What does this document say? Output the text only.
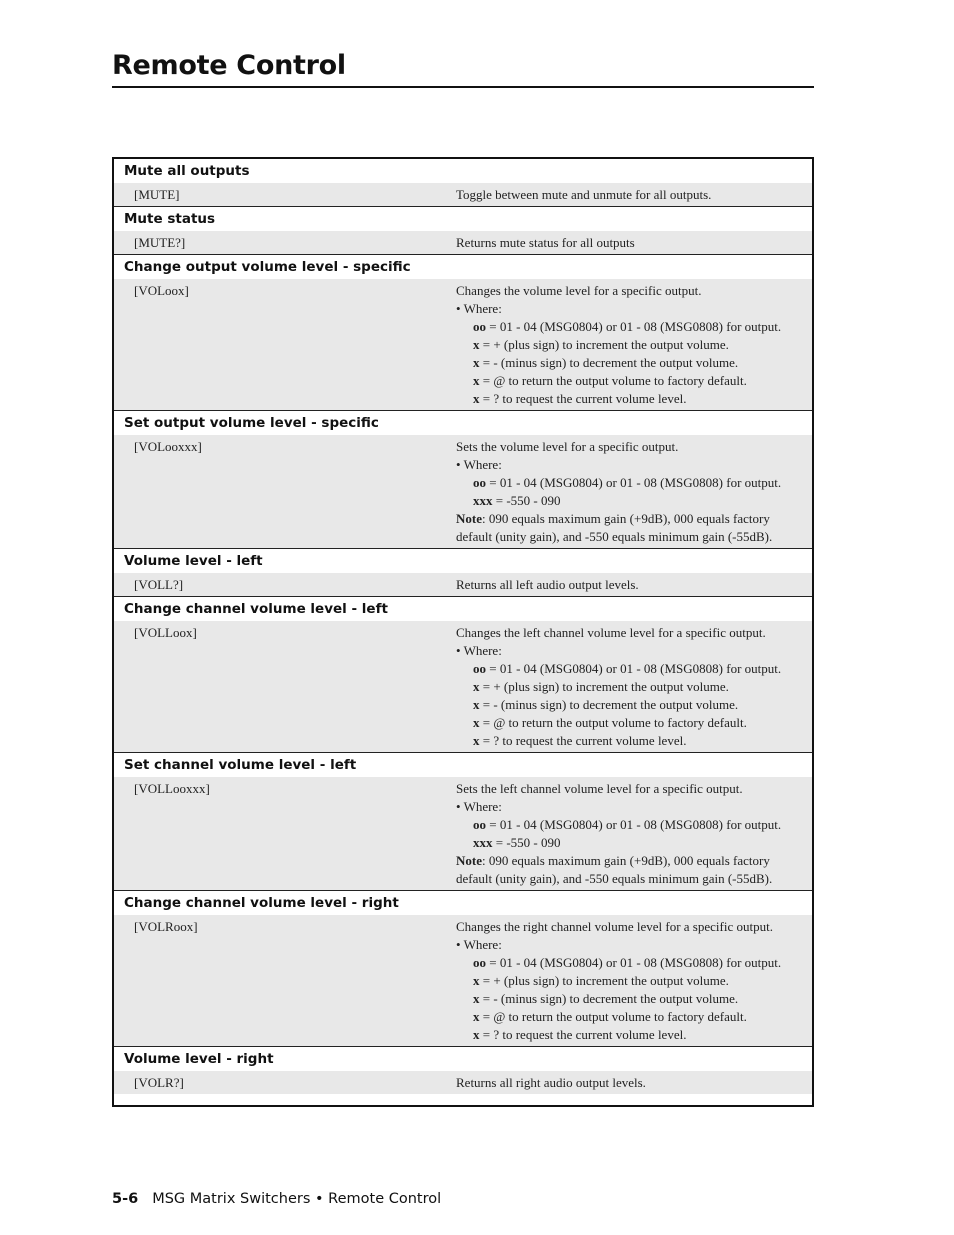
Remote Control
Mute all outputs
[MUTE]	Toggle between mute and unmute for all outputs.
Mute status
[MUTE?]	Returns mute status for all outputs
Change output volume level - specific
[VOLoox]	Changes the volume level for a specific output.
• Where:
oo = 01 - 04 (MSG0804) or 01 - 08 (MSG0808) for output.
x = + (plus sign) to increment the output volume.
x = - (minus sign) to decrement the output volume.
x = @ to return the output volume to factory default.
x = ? to request the current volume level.
Set output volume level - specific
[VOLooxxx]	Sets the volume level for a specific output.
• Where:
oo = 01 - 04 (MSG0804) or 01 - 08 (MSG0808) for output.
xxx = -550 - 090
Note: 090 equals maximum gain (+9dB), 000 equals factory
default (unity gain), and -550 equals minimum gain (-55dB).
Volume level - left
[VOLL?]	Returns all left audio output levels.
Change channel volume level - left
[VOLLoox]	Changes the left channel volume level for a specific output.
• Where:
oo = 01 - 04 (MSG0804) or 01 - 08 (MSG0808) for output.
x = + (plus sign) to increment the output volume.
x = - (minus sign) to decrement the output volume.
x = @ to return the output volume to factory default.
x = ? to request the current volume level.
Set channel volume level - left
[VOLLooxxx]	Sets the left channel volume level for a specific output.
• Where:
oo = 01 - 04 (MSG0804) or 01 - 08 (MSG0808) for output.
xxx = -550 - 090
Note: 090 equals maximum gain (+9dB), 000 equals factory
default (unity gain), and -550 equals minimum gain (-55dB).
Change channel volume level - right
[VOLRoox]	Changes the right channel volume level for a specific output.
• Where:
oo = 01 - 04 (MSG0804) or 01 - 08 (MSG0808) for output.
x = + (plus sign) to increment the output volume.
x = - (minus sign) to decrement the output volume.
x = @ to return the output volume to factory default.
x = ? to request the current volume level.
Volume level - right
[VOLR?]	Returns all right audio output levels.
5-6 MSG Matrix Switchers • Remote Control
